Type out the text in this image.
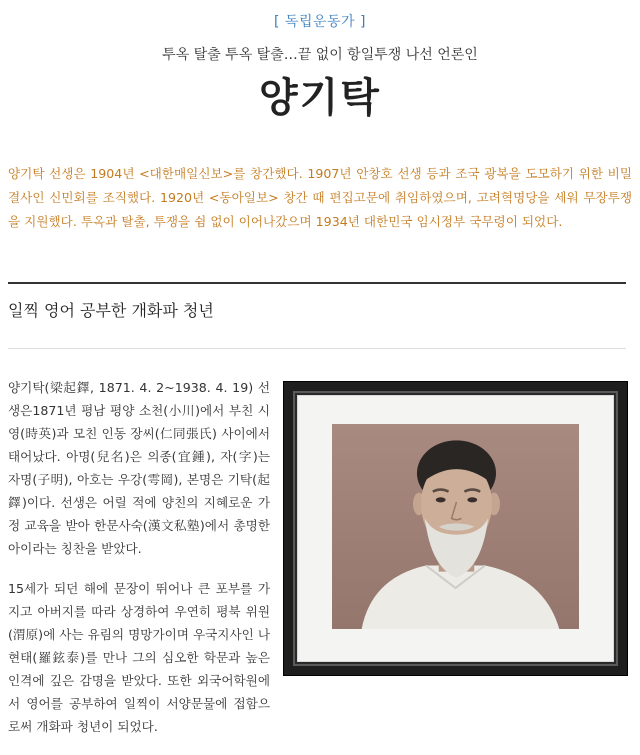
[ 독립운동가 ]
투옥 탈출 투옥 탈출…끝 없이 항일투쟁 나선 언론인
양기탁
양기탁 선생은 1904년 <대한매일신보>를 창간했다. 1907년 안창호 선생 등과 조국 광복을 도모하기 위한 비밀결사인 신민회를 조직했다. 1920년 <동아일보> 창간 때 편집고문에 취임하였으며, 고려혁명당을 세워 무장투쟁을 지원했다. 투옥과 탈출, 투쟁을 쉼 없이 이어나갔으며 1934년 대한민국 임시정부 국무령이 되었다.
일찍 영어 공부한 개화파 청년

양기탁(梁起鐸, 1871. 4. 2~1938. 4. 19) 선생은1871년 평남 평양 소천(小川)에서 부친 시영(時英)과 모친 인동 장씨(仁同張氏) 사이에서 태어났다. 아명(兒名)은 의종(宜鍾), 자(字)는 자명(子明), 아호는 우강(雩岡), 본명은 기탁(起鐸)이다. 선생은 어릴 적에 양친의 지혜로운 가정 교육을 받아 한문사숙(漢文私塾)에서 총명한 아이라는 칭찬을 받았다.

15세가 되던 해에 문장이 뛰어나 큰 포부를 가지고 아버지를 따라 상경하여 우연히 평북 위원(渭原)에 사는 유림의 명망가이며 우국지사인 나현태(羅鉉泰)를 만나 그의 심오한 학문과 높은 인격에 깊은 감명을 받았다. 또한 외국어학원에서 영어를 공부하여 일찍이 서양문물에 접함으로써 개화파 청년이 되었다.
